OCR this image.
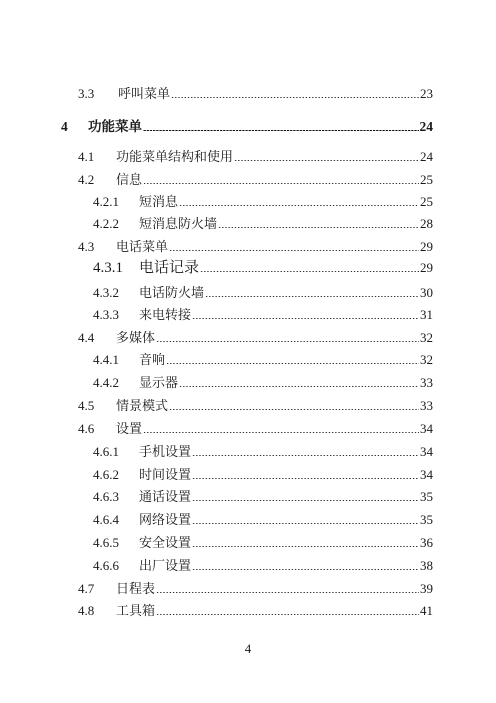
3.3	呼叫菜单	23
4	功能菜单	24
4.1	功能菜单结构和使用	24
4.2	信息	25
4.2.1	短消息	25
4.2.2	短消息防火墙	28
4.3	电话菜单	29
4.3.1	电话记录	29
4.3.2	电话防火墙	30
4.3.3	来电转接	31
4.4	多媒体	32
4.4.1	音响	32
4.4.2	显示器	33
4.5	情景模式	33
4.6	设置	34
4.6.1	手机设置	34
4.6.2	时间设置	34
4.6.3	通话设置	35
4.6.4	网络设置	35
4.6.5	安全设置	36
4.6.6	出厂设置	38
4.7	日程表	39
4.8	工具箱	41
4
